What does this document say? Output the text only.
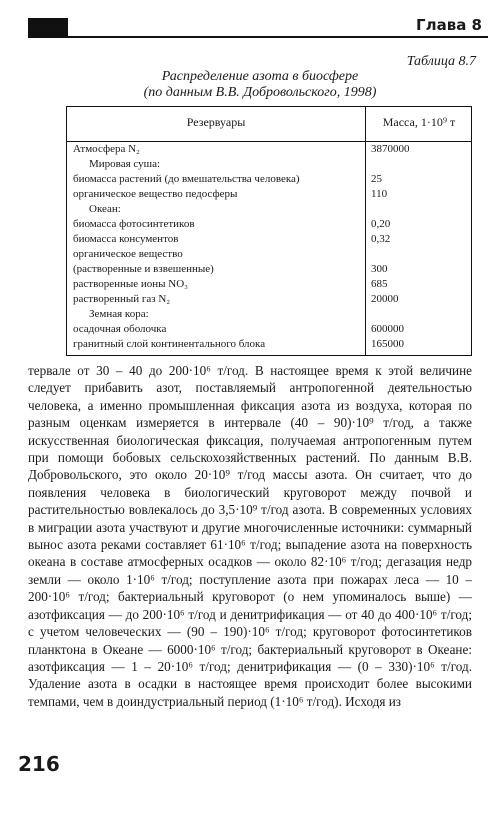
Глава 8
Таблица 8.7
Распределение азота в биосфере
(по данным В.В. Добровольского, 1998)
Резервуары	Масса, 1·10⁹ т
Атмосфера N₂	3870000
Мировая суша:
биомасса растений (до вмешательства человека)	25
органическое вещество педосферы	110
Океан:
биомасса фотосинтетиков	0,20
биомасса консументов	0,32
органическое вещество
(растворенные и взвешенные)	300
растворенные ионы NO₃	685
растворенный газ N₂	20000
Земная кора:
осадочная оболочка	600000
гранитный слой континентального блока	165000

тервале от 30 – 40 до 200·10⁶ т/год. В настоящее время к этой величине следует прибавить азот, поставляемый антропогенной деятельностью человека, а именно промышленная фиксация азота из воздуха, которая по разным оценкам измеряется в интервале (40 – 90)·10⁹ т/год, а также искусственная биологическая фиксация, получаемая антропогенным путем при помощи бобовых сельскохозяйственных растений. По данным В.В. Добровольского, это около 20·10⁹ т/год массы азота. Он считает, что до появления человека в биологический круговорот между почвой и растительностью вовлекалось до 3,5·10⁹ т/год азота. В современных условиях в миграции азота участвуют и другие многочисленные источники: суммарный вынос азота реками составляет 61·10⁶ т/год; выпадение азота на поверхность океана в составе атмосферных осадков — около 82·10⁶ т/год; дегазация недр земли — около 1·10⁶ т/год; поступление азота при пожарах леса — 10 – 200·10⁶ т/год; бактериальный круговорот (о нем упоминалось выше) — азотфиксация — до 200·10⁶ т/год и денитрификация — от 40 до 400·10⁶ т/год; с учетом человеческих — (90 – 190)·10⁶ т/год; круговорот фотосинтетиков планктона в Океане — 6000·10⁶ т/год; бактериальный круговорот в Океане: азотфиксация — 1 – 20·10⁶ т/год; денитрификация — (0 – 330)·10⁶ т/год. Удаление азота в осадки в настоящее время происходит более высокими темпами, чем в доиндустриальный период (1·10⁶ т/год). Исходя из

216
